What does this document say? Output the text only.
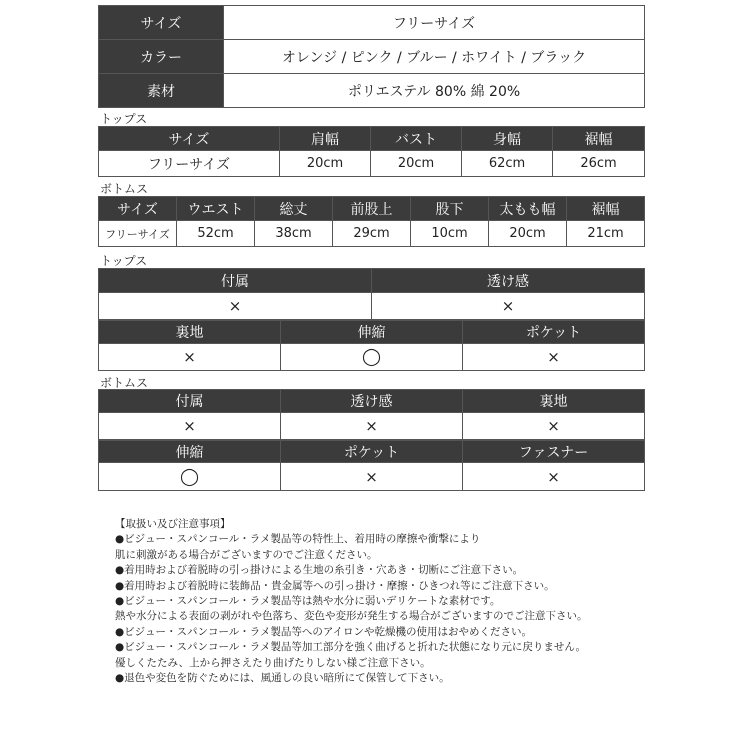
サイズ	フリーサイズ
カラー	オレンジ / ピンク / ブルー / ホワイト / ブラック
素材	ポリエステル 80% 綿 20%
トップス
サイズ	肩幅	バスト	身幅	裾幅
フリーサイズ	20cm	20cm	62cm	26cm
ボトムス
サイズ	ウエスト	総丈	前股上	股下	太もも幅	裾幅
フリーサイズ	52cm	38cm	29cm	10cm	20cm	21cm
トップス
付属	透け感
×	×
裏地	伸縮	ポケット
×	◯	×
ボトムス
付属	透け感	裏地
×	×	×
伸縮	ポケット	ファスナー
◯	×	×
【取扱い及び注意事項】
●ビジュー・スパンコール・ラメ製品等の特性上、着用時の摩擦や衝撃により
肌に刺激がある場合がございますのでご注意ください。
●着用時および着脱時の引っ掛けによる生地の糸引き・穴あき・切断にご注意下さい。
●着用時および着脱時に装飾品・貴金属等への引っ掛け・摩擦・ひきつれ等にご注意下さい。
●ビジュー・スパンコール・ラメ製品等は熱や水分に弱いデリケートな素材です。
熱や水分による表面の剥がれや色落ち、変色や変形が発生する場合がございますのでご注意下さい。
●ビジュー・スパンコール・ラメ製品等へのアイロンや乾燥機の使用はおやめください。
●ビジュー・スパンコール・ラメ製品等加工部分を強く曲げると折れた状態になり元に戻りません。
優しくたたみ、上から押さえたり曲げたりしない様ご注意下さい。
●退色や変色を防ぐためには、風通しの良い暗所にて保管して下さい。
